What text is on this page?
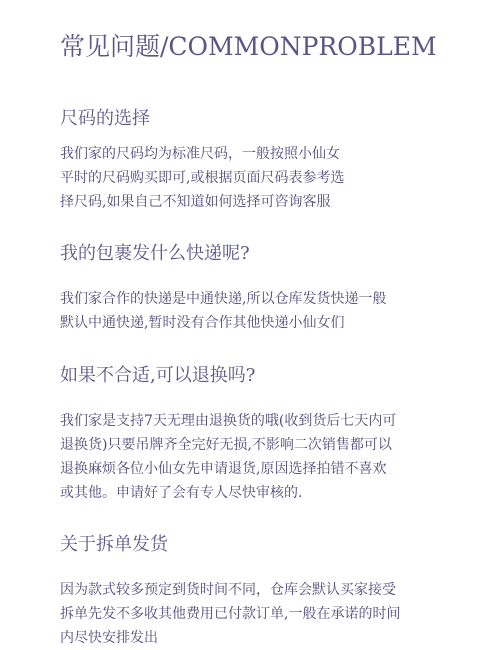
常见问题/COMMONPROBLEM
尺码的选择
我们家的尺码均为标准尺码，一般按照小仙女
平时的尺码购买即可,或根据页面尺码表参考选
择尺码,如果自己不知道如何选择可咨询客服
我的包裹发什么快递呢?
我们家合作的快递是中通快递,所以仓库发货快递一般
默认中通快递,暂时没有合作其他快递小仙女们
如果不合适,可以退换吗?
我们家是支持7天无理由退换货的哦(收到货后七天内可
退换货)只要吊牌齐全完好无损,不影响二次销售都可以
退换麻烦各位小仙女先申请退货,原因选择拍错不喜欢
或其他。申请好了会有专人尽快审核的.
关于拆单发货
因为款式较多预定到货时间不同，仓库会默认买家接受
拆单先发不多收其他费用已付款订单,一般在承诺的时间
内尽快安排发出
